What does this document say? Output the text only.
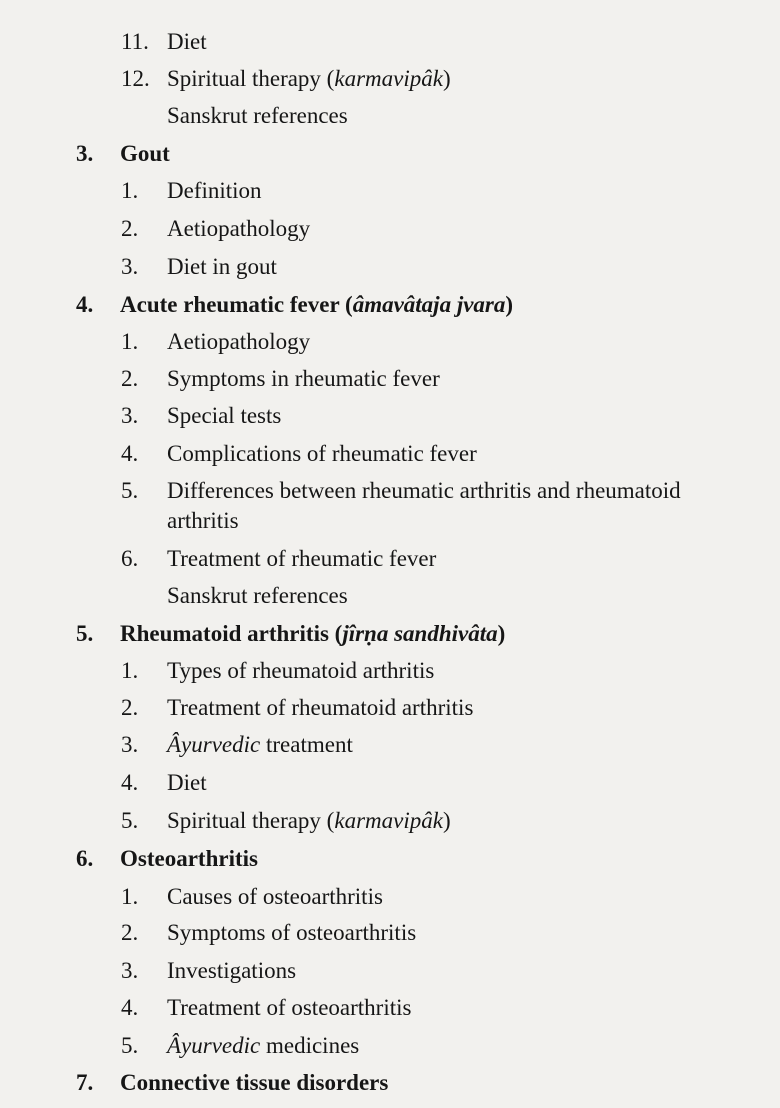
11. Diet
12. Spiritual therapy (karmavipâk)
Sanskrut references
3. Gout
1. Definition
2. Aetiopathology
3. Diet in gout
4. Acute rheumatic fever (âmavâtaja jvara)
1. Aetiopathology
2. Symptoms in rheumatic fever
3. Special tests
4. Complications of rheumatic fever
5. Differences between rheumatic arthritis and rheumatoid arthritis
6. Treatment of rheumatic fever
Sanskrut references
5. Rheumatoid arthritis (jîrṇa sandhivâta)
1. Types of rheumatoid arthritis
2. Treatment of rheumatoid arthritis
3. Âyurvedic treatment
4. Diet
5. Spiritual therapy (karmavipâk)
6. Osteoarthritis
1. Causes of osteoarthritis
2. Symptoms of osteoarthritis
3. Investigations
4. Treatment of osteoarthritis
5. Âyurvedic medicines
7. Connective tissue disorders
